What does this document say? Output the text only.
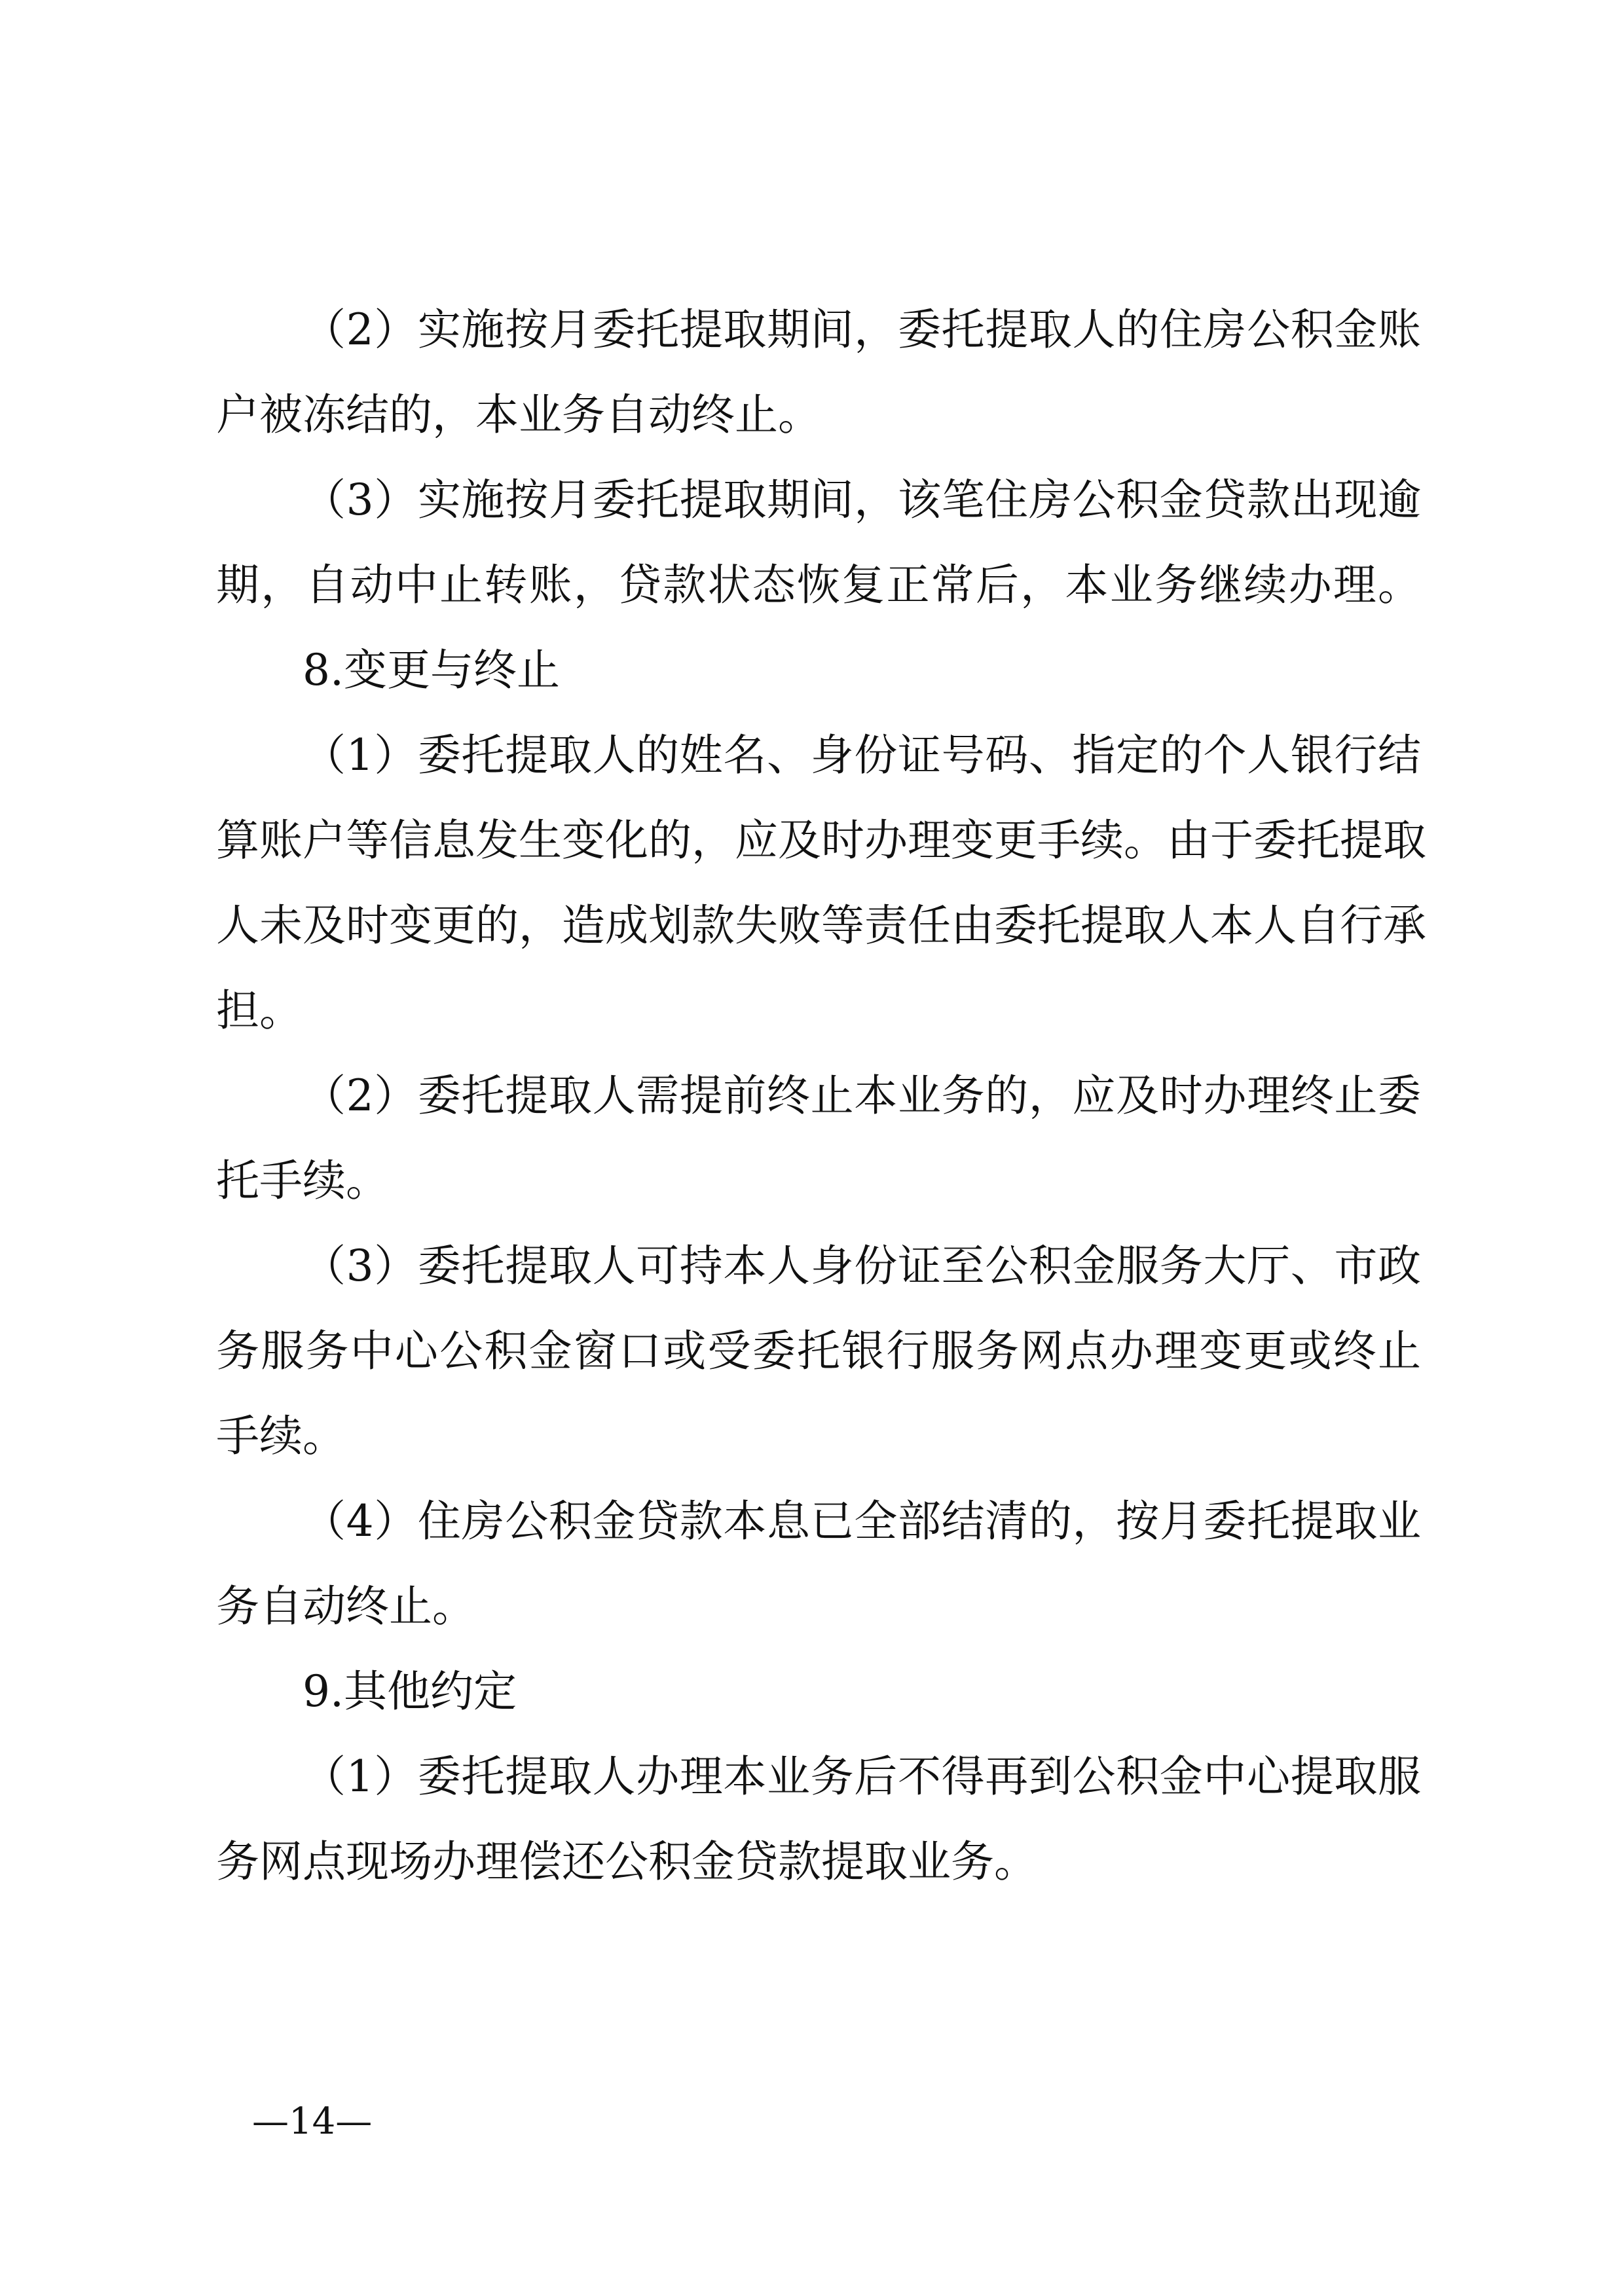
（2）实施按月委托提取期间，委托提取人的住房公积金账

户被冻结的，本业务自动终止。

（3）实施按月委托提取期间，该笔住房公积金贷款出现逾

期，自动中止转账，贷款状态恢复正常后，本业务继续办理。

8.变更与终止

（1）委托提取人的姓名、身份证号码、指定的个人银行结

算账户等信息发生变化的，应及时办理变更手续。由于委托提取

人未及时变更的，造成划款失败等责任由委托提取人本人自行承

担。

（2）委托提取人需提前终止本业务的，应及时办理终止委

托手续。

（3）委托提取人可持本人身份证至公积金服务大厅、市政

务服务中心公积金窗口或受委托银行服务网点办理变更或终止

手续。

（4）住房公积金贷款本息已全部结清的，按月委托提取业

务自动终止。

9.其他约定

（1）委托提取人办理本业务后不得再到公积金中心提取服

务网点现场办理偿还公积金贷款提取业务。

—14—
